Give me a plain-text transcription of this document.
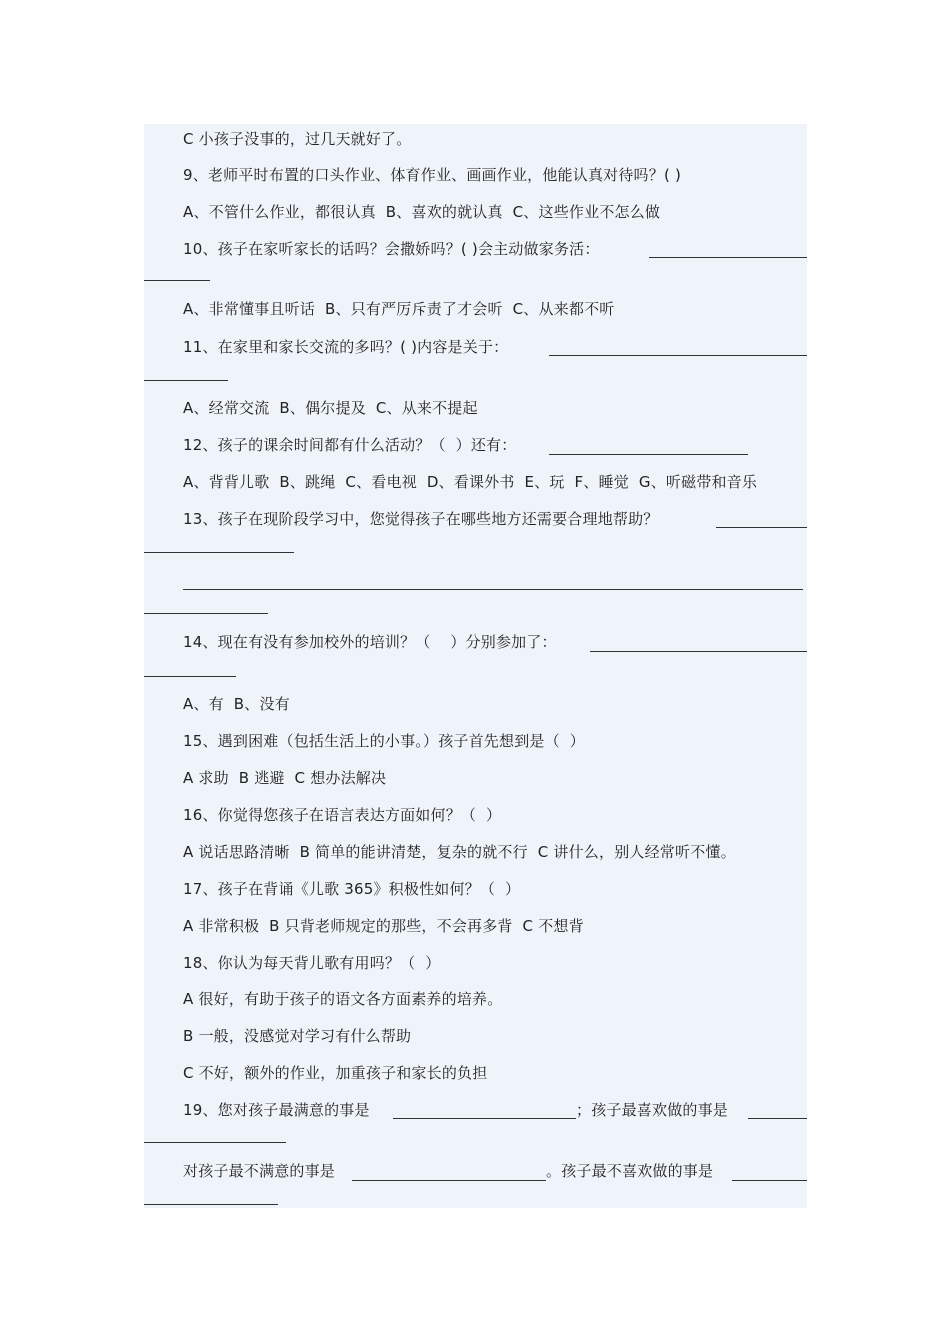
C 小孩子没事的，过几天就好了。
9、老师平时布置的口头作业、体育作业、画画作业，他能认真对待吗？( )
A、不管什么作业，都很认真  B、喜欢的就认真  C、这些作业不怎么做
10、孩子在家听家长的话吗？会撒娇吗？( )会主动做家务活：
A、非常懂事且听话  B、只有严厉斥责了才会听  C、从来都不听
11、在家里和家长交流的多吗？( )内容是关于：
A、经常交流  B、偶尔提及  C、从来不提起
12、孩子的课余时间都有什么活动？（  ）还有：
A、背背儿歌  B、跳绳  C、看电视  D、看课外书  E、玩  F、睡觉  G、听磁带和音乐
13、孩子在现阶段学习中，您觉得孩子在哪些地方还需要合理地帮助？
14、现在有没有参加校外的培训？（    ）分别参加了：
A、有  B、没有
15、遇到困难（包括生活上的小事。）孩子首先想到是（  ）
A 求助  B 逃避  C 想办法解决
16、你觉得您孩子在语言表达方面如何？（  ）
A 说话思路清晰  B 简单的能讲清楚，复杂的就不行  C 讲什么，别人经常听不懂。
17、孩子在背诵《儿歌 365》积极性如何？（  ）
A 非常积极  B 只背老师规定的那些，不会再多背  C 不想背
18、你认为每天背儿歌有用吗？（  ）
A 很好，有助于孩子的语文各方面素养的培养。
B 一般，没感觉对学习有什么帮助
C 不好，额外的作业，加重孩子和家长的负担
19、您对孩子最满意的事是	；孩子最喜欢做的事是
对孩子最不满意的事是	。孩子最不喜欢做的事是
